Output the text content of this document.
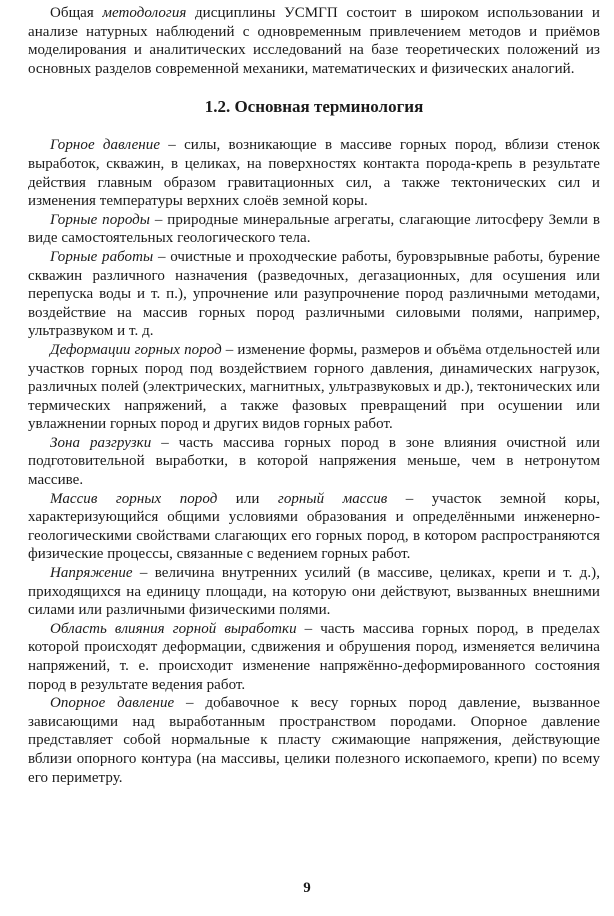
Общая методология дисциплины УСМГП состоит в широком использовании и анализе натурных наблюдений с одновременным привлечением методов и приёмов моделирования и аналитических исследований на базе теоретических положений из основных разделов современной механики, математических и физических аналогий.

1.2. Основная терминология

Горное давление – силы, возникающие в массиве горных пород, вблизи стенок выработок, скважин, в целиках, на поверхностях контакта порода-крепь в результате действия главным образом гравитационных сил, а также тектонических сил и изменения температуры верхних слоёв земной коры.

Горные породы – природные минеральные агрегаты, слагающие литосферу Земли в виде самостоятельных геологического тела.

Горные работы – очистные и проходческие работы, буровзрывные работы, бурение скважин различного назначения (разведочных, дегазационных, для осушения или перепуска воды и т. п.), упрочнение или разупрочнение пород различными методами, воздействие на массив горных пород различными силовыми полями, например, ультразвуком и т. д.

Деформации горных пород – изменение формы, размеров и объёма отдельностей или участков горных пород под воздействием горного давления, динамических нагрузок, различных полей (электрических, магнитных, ультразвуковых и др.), тектонических или термических напряжений, а также фазовых превращений при осушении или увлажнении горных пород и других видов горных работ.

Зона разгрузки – часть массива горных пород в зоне влияния очистной или подготовительной выработки, в которой напряжения меньше, чем в нетронутом массиве.

Массив горных пород или горный массив – участок земной коры, характеризующийся общими условиями образования и определёнными инженерно-геологическими свойствами слагающих его горных пород, в котором распространяются физические процессы, связанные с ведением горных работ.

Напряжение – величина внутренних усилий (в массиве, целиках, крепи и т. д.), приходящихся на единицу площади, на которую они действуют, вызванных внешними силами или различными физическими полями.

Область влияния горной выработки – часть массива горных пород, в пределах которой происходят деформации, сдвижения и обрушения пород, изменяется величина напряжений, т. е. происходит изменение напряжённо-деформированного состояния пород в результате ведения работ.

Опорное давление – добавочное к весу горных пород давление, вызванное зависающими над выработанным пространством породами. Опорное давление представляет собой нормальные к пласту сжимающие напряжения, действующие вблизи опорного контура (на массивы, целики полезного ископаемого, крепи) по всему его периметру.

9
